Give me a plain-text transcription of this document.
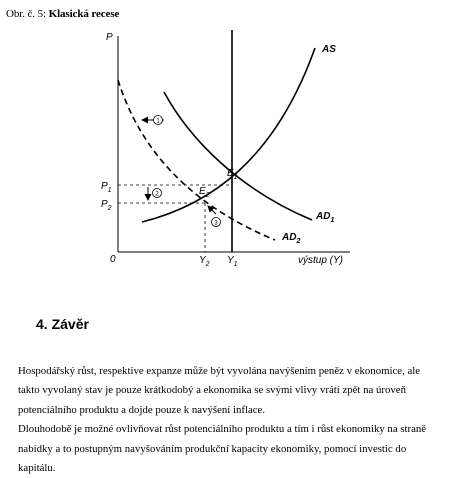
Obr. č. 5: Klasická recese
P
0	výstup (Y)
AS
$AD_1$
$AD_2$
$P_1$
$P_2$
$Y_2$ $Y_1$
$E_1$
$E_2$
1
2
3
4. Závěr

Hospodářský růst, respektive expanze může být vyvolána navýšením peněz v ekonomice, ale
takto vyvolaný stav je pouze krátkodobý a ekonomika se svými vlivy vrátí zpět na úroveň
potenciálního produktu a dojde pouze k navýšení inflace.

Dlouhodobě je možné ovlivňovat růst potenciálního produktu a tím i růst ekonomiky na straně
nabídky a to postupným navyšováním produkční kapacity ekonomiky, pomocí investic do
kapitálu.
